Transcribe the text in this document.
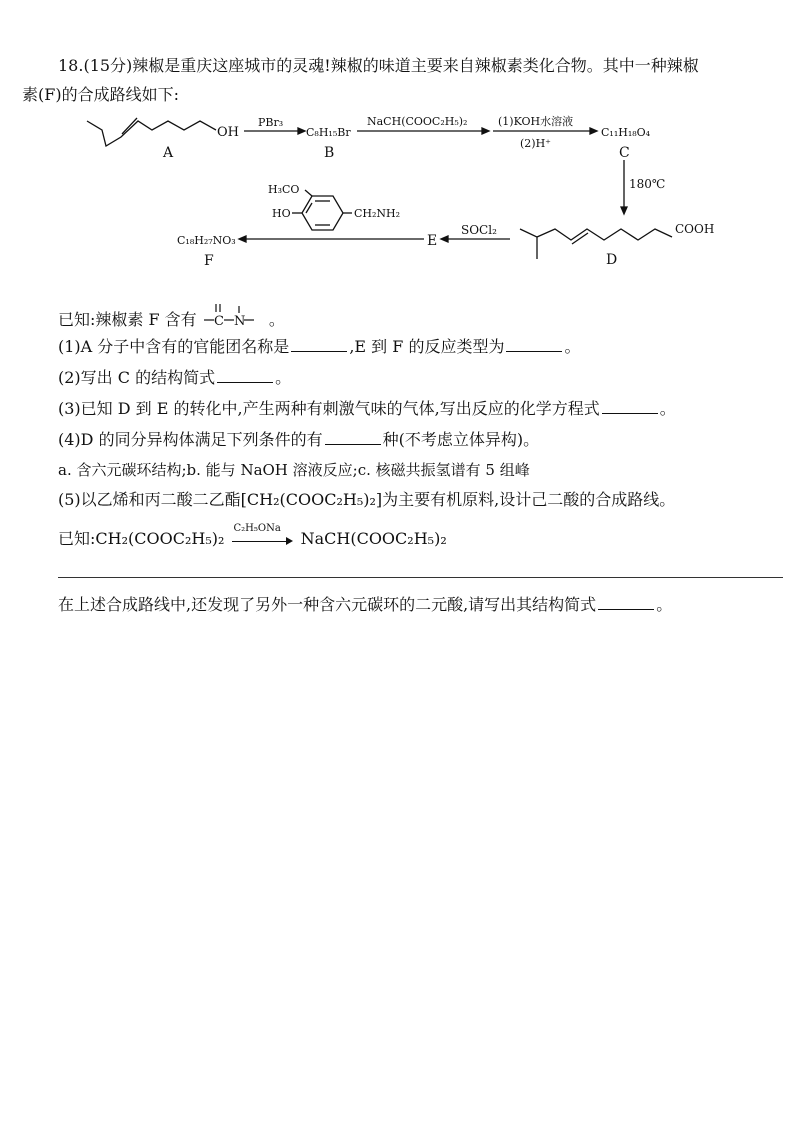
18.(15分)辣椒是重庆这座城市的灵魂!辣椒的味道主要来自辣椒素类化合物。其中一种辣椒
素(F)的合成路线如下:
A
OH
PBr₃
C₈H₁₅Br
B
NaCH(COOC₂H₅)₂	(1)KOH水溶液
(2)H⁺
C₁₁H₁₈O₄
C
180℃
COOH
D
SOCl₂
E
H₃CO
HO	CH₂NH₂
C₁₈H₂₇NO₃
F
已知:辣椒素 F 含有 C N 。
(1)A 分子中含有的官能团名称是	,E 到 F 的反应类型为	。
(2)写出 C 的结构简式	。
(3)已知 D 到 E 的转化中,产生两种有刺激气味的气体,写出反应的化学方程式	。
(4)D 的同分异构体满足下列条件的有	种(不考虑立体异构)。
a. 含六元碳环结构;b. 能与 NaOH 溶液反应;c. 核磁共振氢谱有 5 组峰
(5)以乙烯和丙二酸二乙酯[CH₂(COOC₂H₅)₂]为主要有机原料,设计己二酸的合成路线。
已知:CH₂(COOC₂H₅)₂
C₂H₅ONa
NaCH(COOC₂H₅)₂
在上述合成路线中,还发现了另外一种含六元碳环的二元酸,请写出其结构简式	。
